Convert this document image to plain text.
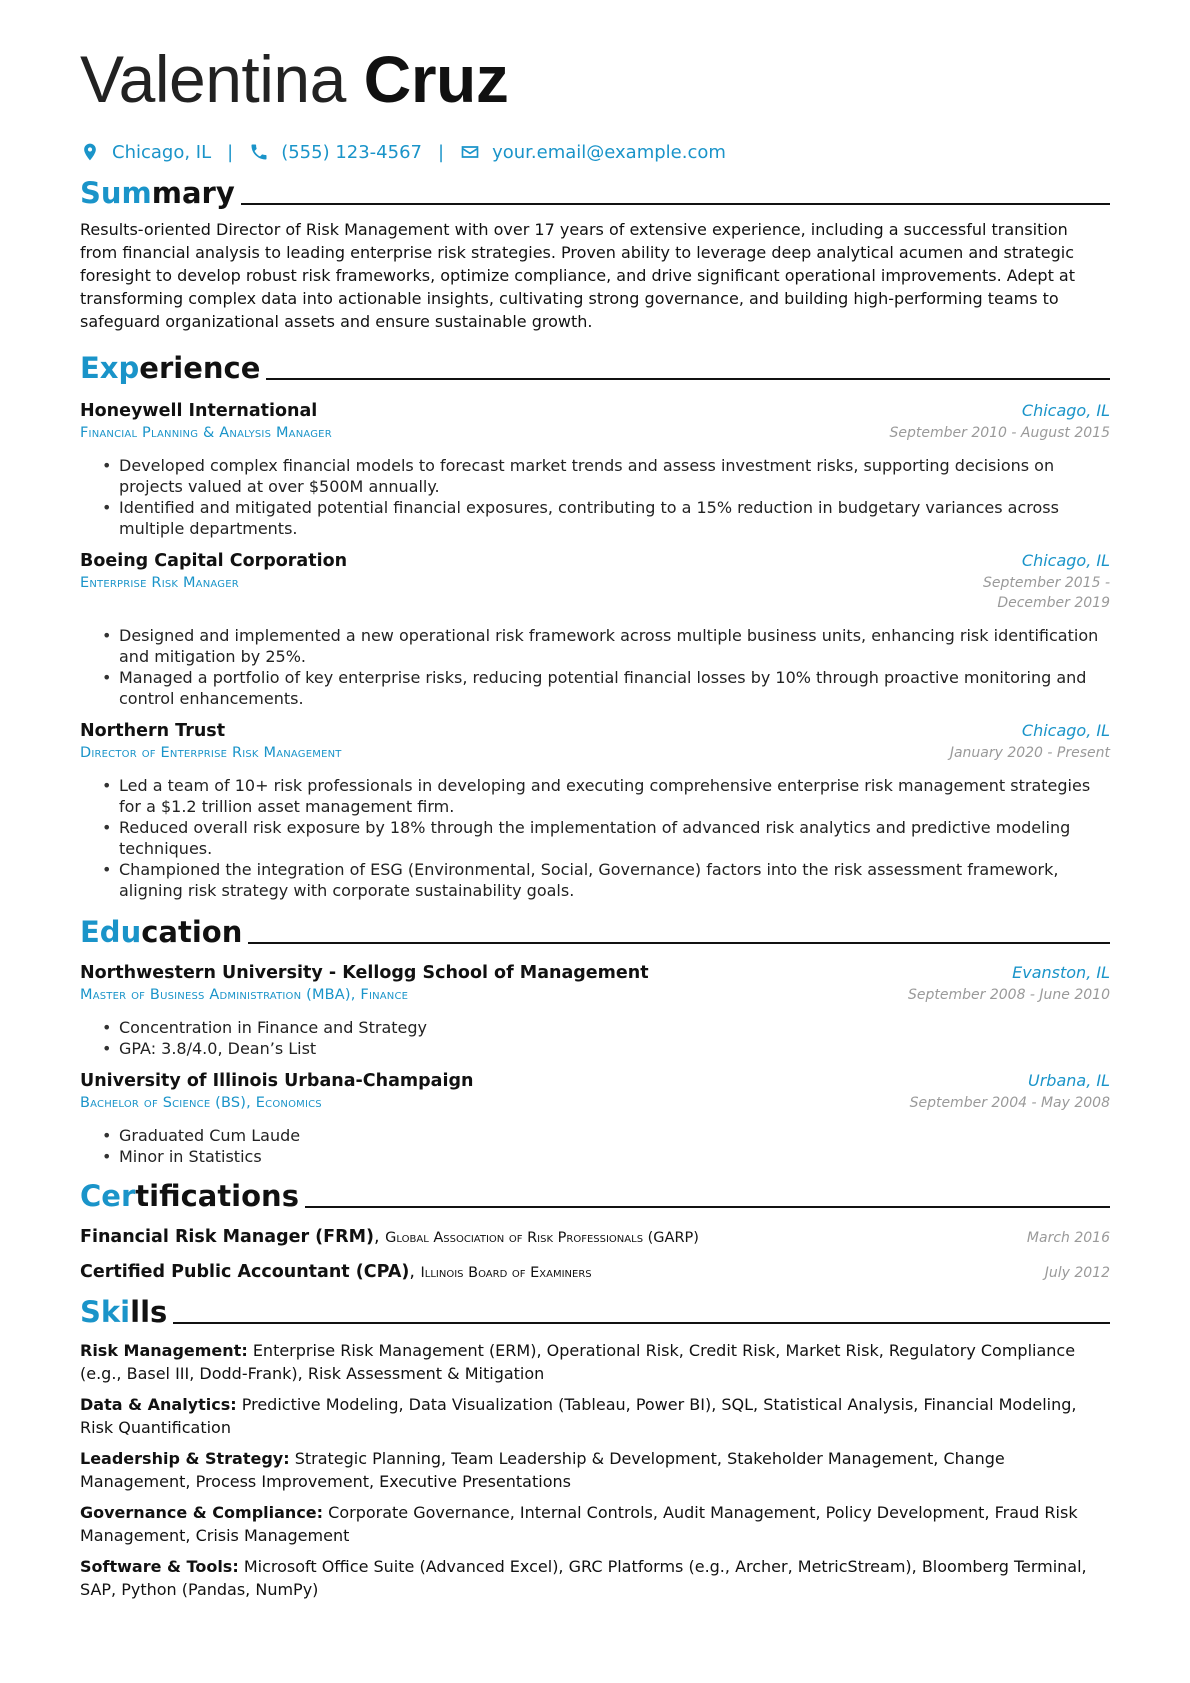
Valentina Cruz
Chicago, IL |	(555) 123-4567 |	your.email@example.com
Summary

Results-oriented Director of Risk Management with over 17 years of extensive experience, including a successful transition from financial analysis to leading enterprise risk strategies. Proven ability to leverage deep analytical acumen and strategic foresight to develop robust risk frameworks, optimize compliance, and drive significant operational improvements. Adept at transforming complex data into actionable insights, cultivating strong governance, and building high-performing teams to safeguard organizational assets and ensure sustainable growth.

Experience
Honeywell International	Chicago, IL
Financial Planning & Analysis Manager	September 2010 - August 2015
• Developed complex financial models to forecast market trends and assess investment risks, supporting decisions on projects valued at over $500M annually.
• Identified and mitigated potential financial exposures, contributing to a 15% reduction in budgetary variances across multiple departments.
Boeing Capital Corporation	Chicago, IL
Enterprise Risk Manager	September 2015 - December 2019
• Designed and implemented a new operational risk framework across multiple business units, enhancing risk identification and mitigation by 25%.
• Managed a portfolio of key enterprise risks, reducing potential financial losses by 10% through proactive monitoring and control enhancements.
Northern Trust	Chicago, IL
Director of Enterprise Risk Management	January 2020 - Present
• Led a team of 10+ risk professionals in developing and executing comprehensive enterprise risk management strategies for a $1.2 trillion asset management firm.
• Reduced overall risk exposure by 18% through the implementation of advanced risk analytics and predictive modeling techniques.
• Championed the integration of ESG (Environmental, Social, Governance) factors into the risk assessment framework, aligning risk strategy with corporate sustainability goals.
Education
Northwestern University - Kellogg School of Management	Evanston, IL
Master of Business Administration (MBA), Finance	September 2008 - June 2010
• Concentration in Finance and Strategy
• GPA: 3.8/4.0, Dean’s List
University of Illinois Urbana-Champaign	Urbana, IL
Bachelor of Science (BS), Economics	September 2004 - May 2008
• Graduated Cum Laude
• Minor in Statistics
Certifications
Financial Risk Manager (FRM), Global Association of Risk Professionals (GARP)	March 2016
Certified Public Accountant (CPA), Illinois Board of Examiners	July 2012
Skills

Risk Management: Enterprise Risk Management (ERM), Operational Risk, Credit Risk, Market Risk, Regulatory Compliance (e.g., Basel III, Dodd-Frank), Risk Assessment & Mitigation

Data & Analytics: Predictive Modeling, Data Visualization (Tableau, Power BI), SQL, Statistical Analysis, Financial Modeling, Risk Quantification

Leadership & Strategy: Strategic Planning, Team Leadership & Development, Stakeholder Management, Change Management, Process Improvement, Executive Presentations

Governance & Compliance: Corporate Governance, Internal Controls, Audit Management, Policy Development, Fraud Risk Management, Crisis Management

Software & Tools: Microsoft Office Suite (Advanced Excel), GRC Platforms (e.g., Archer, MetricStream), Bloomberg Terminal, SAP, Python (Pandas, NumPy)
